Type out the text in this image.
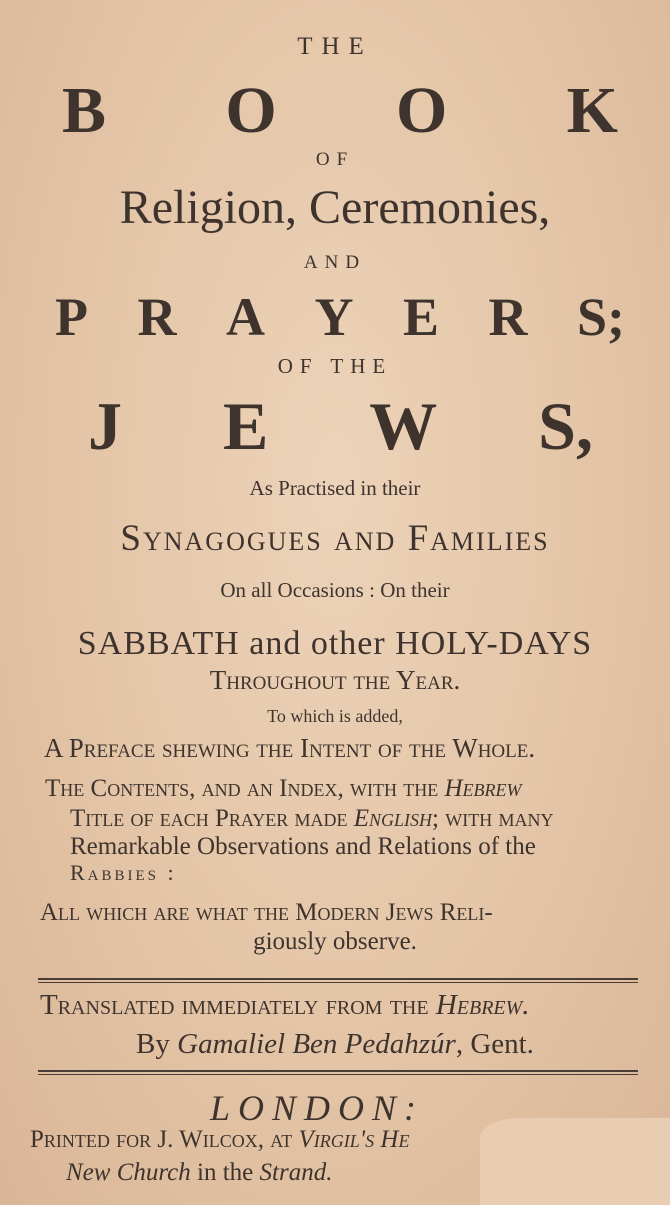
THE
B O O K
OF
Religion, Ceremonies,
AND
P R A Y E R S;
OF THE
J E W S,
As Practised in their
Synagogues and Families
On all Occasions : On their
SABBATH and other HOLY-DAYS
Throughout the Year.
To which is added,
A Preface shewing the Intent of the Whole.
The Contents, and an Index, with the Hebrew
Title of each Prayer made English; with many
Remarkable Observations and Relations of the
Rabbies :
All which are what the Modern Jews Reli-
giously observe.
Translated immediately from the Hebrew.
By Gamaliel Ben Pedahzúr, Gent.
LONDON:
Printed for J. Wilcox, at Virgil's He
New Church in the Strand.
